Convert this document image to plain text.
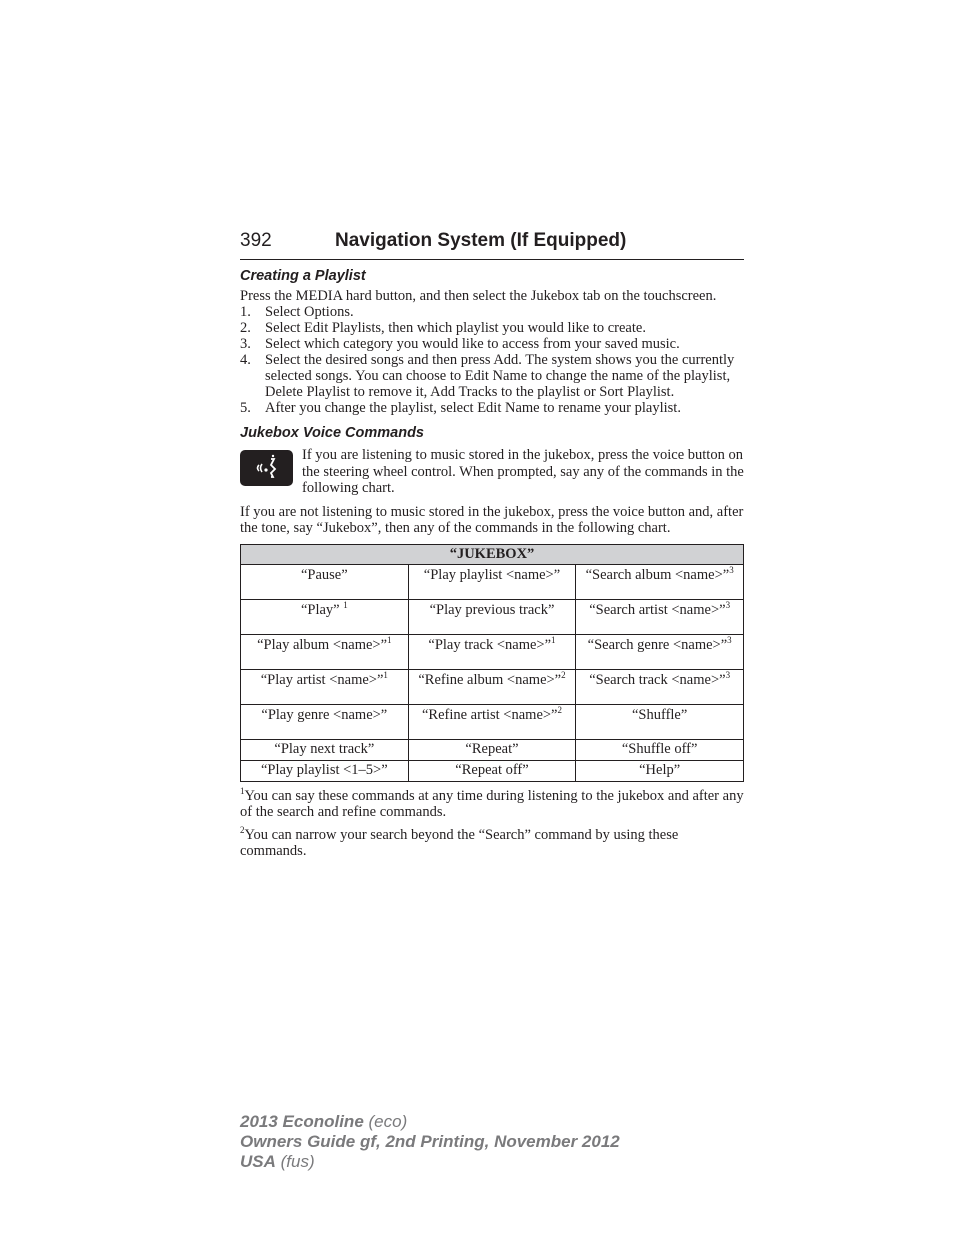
392	Navigation System (If Equipped)
Creating a Playlist

Press the MEDIA hard button, and then select the Jukebox tab on the touchscreen.

1. Select Options.
2. Select Edit Playlists, then which playlist you would like to create.
3. Select which category you would like to access from your saved music.
4. Select the desired songs and then press Add. The system shows you the currently selected songs. You can choose to Edit Name to change the name of the playlist, Delete Playlist to remove it, Add Tracks to the playlist or Sort Playlist.
5. After you change the playlist, select Edit Name to rename your playlist.
Jukebox Voice Commands

If you are listening to music stored in the jukebox, press the voice button on the steering wheel control. When prompted, say any of the commands in the following chart.

If you are not listening to music stored in the jukebox, press the voice button and, after the tone, say “Jukebox”, then any of the commands in the following chart.

“JUKEBOX”		
“Pause”	“Play playlist <name>”	“Search album <name>”$^3$
“Play” $^1$	“Play previous track”	“Search artist <name>”$^3$
“Play album <name>”$^1$	“Play track <name>”$^1$	“Search genre <name>”$^3$
“Play artist <name>”$^1$	“Refine album <name>”$^2$	“Search track <name>”$^3$
“Play genre <name>”	“Refine artist <name>”$^2$	“Shuffle”
“Play next track”	“Repeat”	“Shuffle off”
“Play playlist <1–5>”	“Repeat off”	“Help”

$^1$You can say these commands at any time during listening to the jukebox and after any of the search and refine commands.

$^2$You can narrow your search beyond the “Search” command by using these commands.

2013 Econoline (eco)
Owners Guide gf, 2nd Printing, November 2012
USA (fus)
